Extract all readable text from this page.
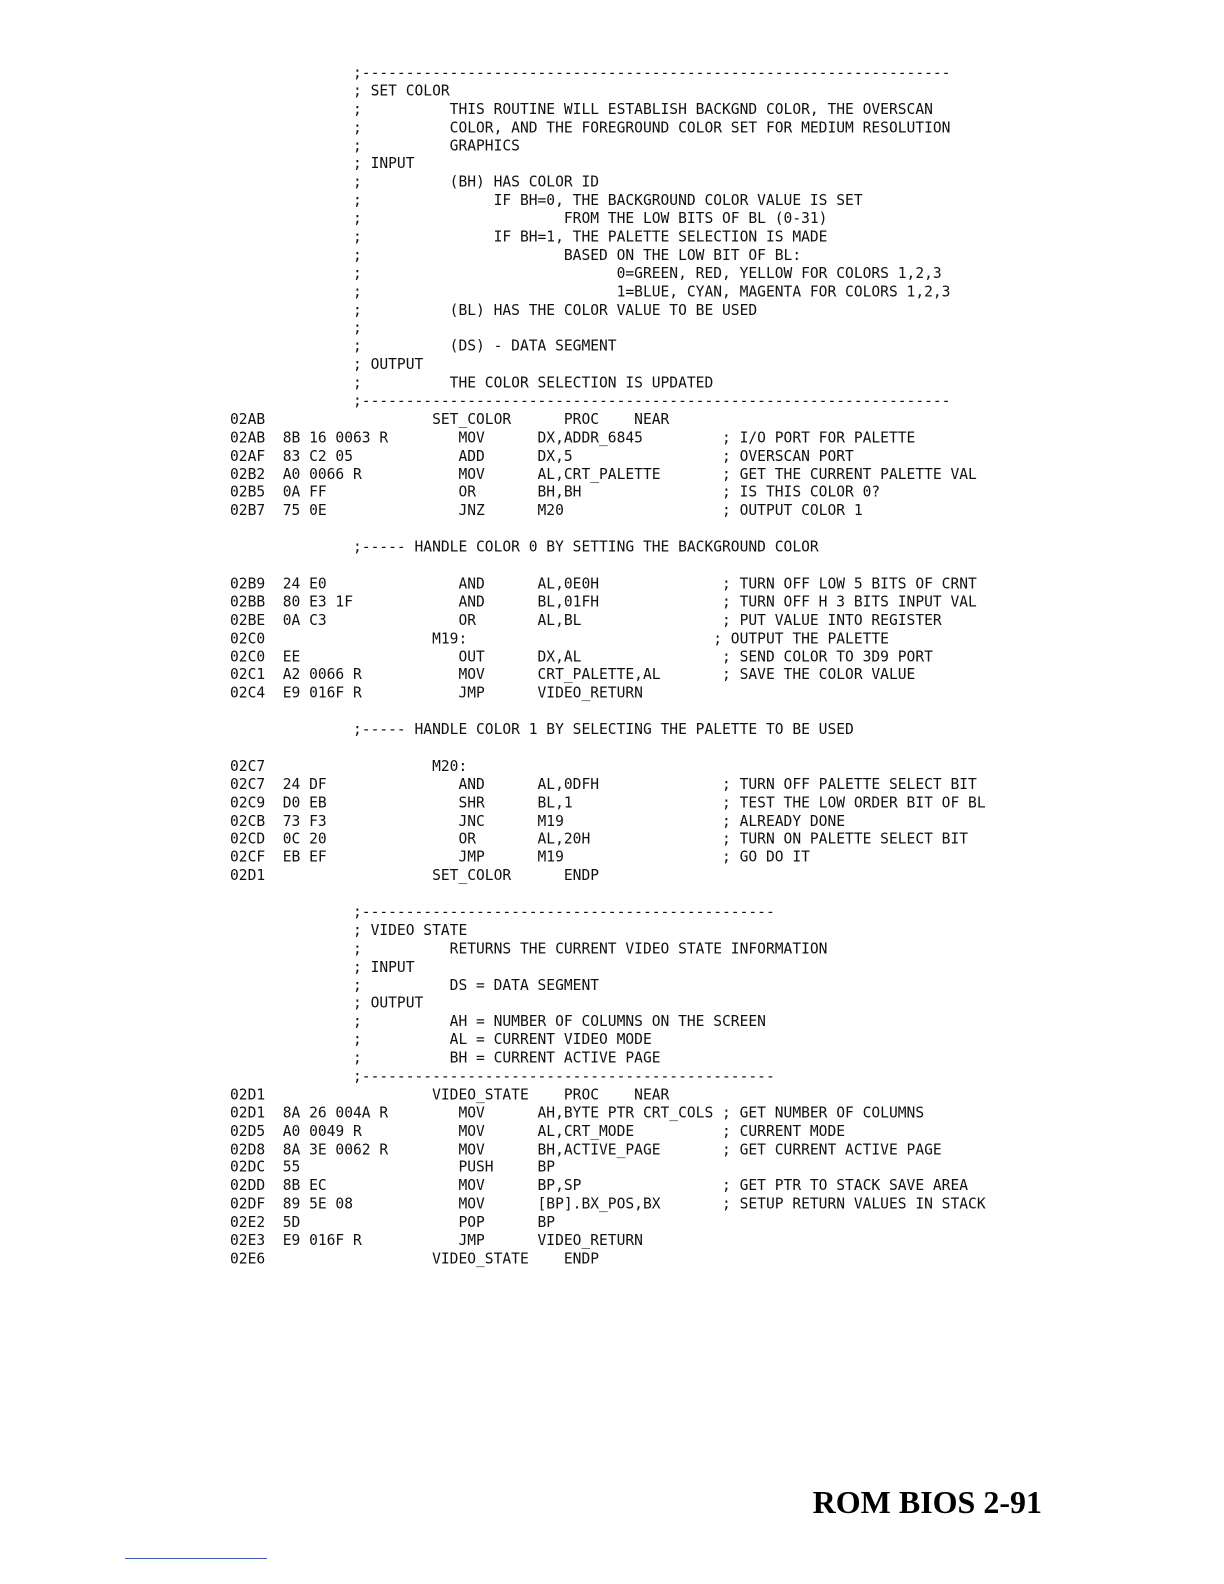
;-------------------------------------------------------------------
; SET COLOR
;          THIS ROUTINE WILL ESTABLISH BACKGND COLOR, THE OVERSCAN
;          COLOR, AND THE FOREGROUND COLOR SET FOR MEDIUM RESOLUTION
;          GRAPHICS
; INPUT
;          (BH) HAS COLOR ID
;               IF BH=0, THE BACKGROUND COLOR VALUE IS SET
;                       FROM THE LOW BITS OF BL (0-31)
;               IF BH=1, THE PALETTE SELECTION IS MADE
;                       BASED ON THE LOW BIT OF BL:
;                             0=GREEN, RED, YELLOW FOR COLORS 1,2,3
;                             1=BLUE, CYAN, MAGENTA FOR COLORS 1,2,3
;          (BL) HAS THE COLOR VALUE TO BE USED
;
;          (DS) - DATA SEGMENT
; OUTPUT
;          THE COLOR SELECTION IS UPDATED
;-------------------------------------------------------------------
02AB                   SET_COLOR      PROC    NEAR
02AB  8B 16 0063 R        MOV      DX,ADDR_6845         ; I/O PORT FOR PALETTE
02AF  83 C2 05            ADD      DX,5                 ; OVERSCAN PORT
02B2  A0 0066 R           MOV      AL,CRT_PALETTE       ; GET THE CURRENT PALETTE VAL
02B5  0A FF               OR       BH,BH                ; IS THIS COLOR 0?
02B7  75 0E               JNZ      M20                  ; OUTPUT COLOR 1

;----- HANDLE COLOR 0 BY SETTING THE BACKGROUND COLOR

02B9  24 E0               AND      AL,0E0H              ; TURN OFF LOW 5 BITS OF CRNT
02BB  80 E3 1F            AND      BL,01FH              ; TURN OFF H 3 BITS INPUT VAL
02BE  0A C3               OR       AL,BL                ; PUT VALUE INTO REGISTER
02C0                   M19:                            ; OUTPUT THE PALETTE
02C0  EE                  OUT      DX,AL                ; SEND COLOR TO 3D9 PORT
02C1  A2 0066 R           MOV      CRT_PALETTE,AL       ; SAVE THE COLOR VALUE
02C4  E9 016F R           JMP      VIDEO_RETURN

;----- HANDLE COLOR 1 BY SELECTING THE PALETTE TO BE USED

02C7                   M20:
02C7  24 DF               AND      AL,0DFH              ; TURN OFF PALETTE SELECT BIT
02C9  D0 EB               SHR      BL,1                 ; TEST THE LOW ORDER BIT OF BL
02CB  73 F3               JNC      M19                  ; ALREADY DONE
02CD  0C 20               OR       AL,20H               ; TURN ON PALETTE SELECT BIT
02CF  EB EF               JMP      M19                  ; GO DO IT
02D1                   SET_COLOR      ENDP

;-----------------------------------------------
; VIDEO STATE
;          RETURNS THE CURRENT VIDEO STATE INFORMATION
; INPUT
;          DS = DATA SEGMENT
; OUTPUT
;          AH = NUMBER OF COLUMNS ON THE SCREEN
;          AL = CURRENT VIDEO MODE
;          BH = CURRENT ACTIVE PAGE
;-----------------------------------------------
02D1                   VIDEO_STATE    PROC    NEAR
02D1  8A 26 004A R        MOV      AH,BYTE PTR CRT_COLS ; GET NUMBER OF COLUMNS
02D5  A0 0049 R           MOV      AL,CRT_MODE          ; CURRENT MODE
02D8  8A 3E 0062 R        MOV      BH,ACTIVE_PAGE       ; GET CURRENT ACTIVE PAGE
02DC  55                  PUSH     BP
02DD  8B EC               MOV      BP,SP                ; GET PTR TO STACK SAVE AREA
02DF  89 5E 08            MOV      [BP].BX_POS,BX       ; SETUP RETURN VALUES IN STACK
02E2  5D                  POP      BP
02E3  E9 016F R           JMP      VIDEO_RETURN
02E6                   VIDEO_STATE    ENDP
ROM BIOS 2-91
